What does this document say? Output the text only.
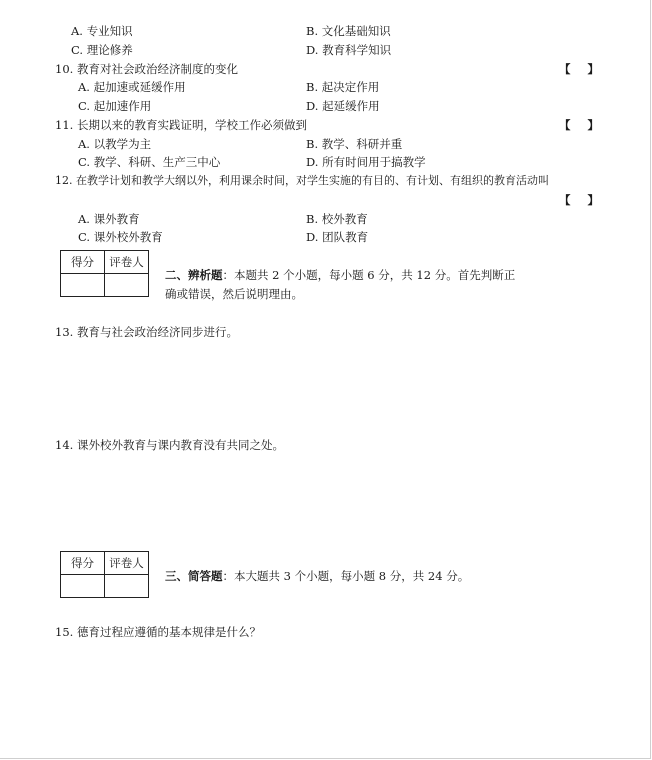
A. 专业知识	B. 文化基础知识
C. 理论修养	D. 教育科学知识
10. 教育对社会政治经济制度的变化	【 】
A. 起加速或延缓作用	B. 起决定作用
C. 起加速作用	D. 起延缓作用
11. 长期以来的教育实践证明，学校工作必须做到	【 】
A. 以教学为主	B. 教学、科研并重
C. 教学、科研、生产三中心	D. 所有时间用于搞教学
12. 在教学计划和教学大纲以外，利用课余时间，对学生实施的有目的、有计划、有组织的教育活动叫
【 】
A. 课外教育	B. 校外教育
C. 课外校外教育	D. 团队教育
得分	评卷人

二、辨析题：本题共 2 个小题，每小题 6 分，共 12 分。首先判断正
确或错误，然后说明理由。
13. 教育与社会政治经济同步进行。
14. 课外校外教育与课内教育没有共同之处。
得分	评卷人

三、简答题：本大题共 3 个小题，每小题 8 分，共 24 分。
15. 德育过程应遵循的基本规律是什么？
